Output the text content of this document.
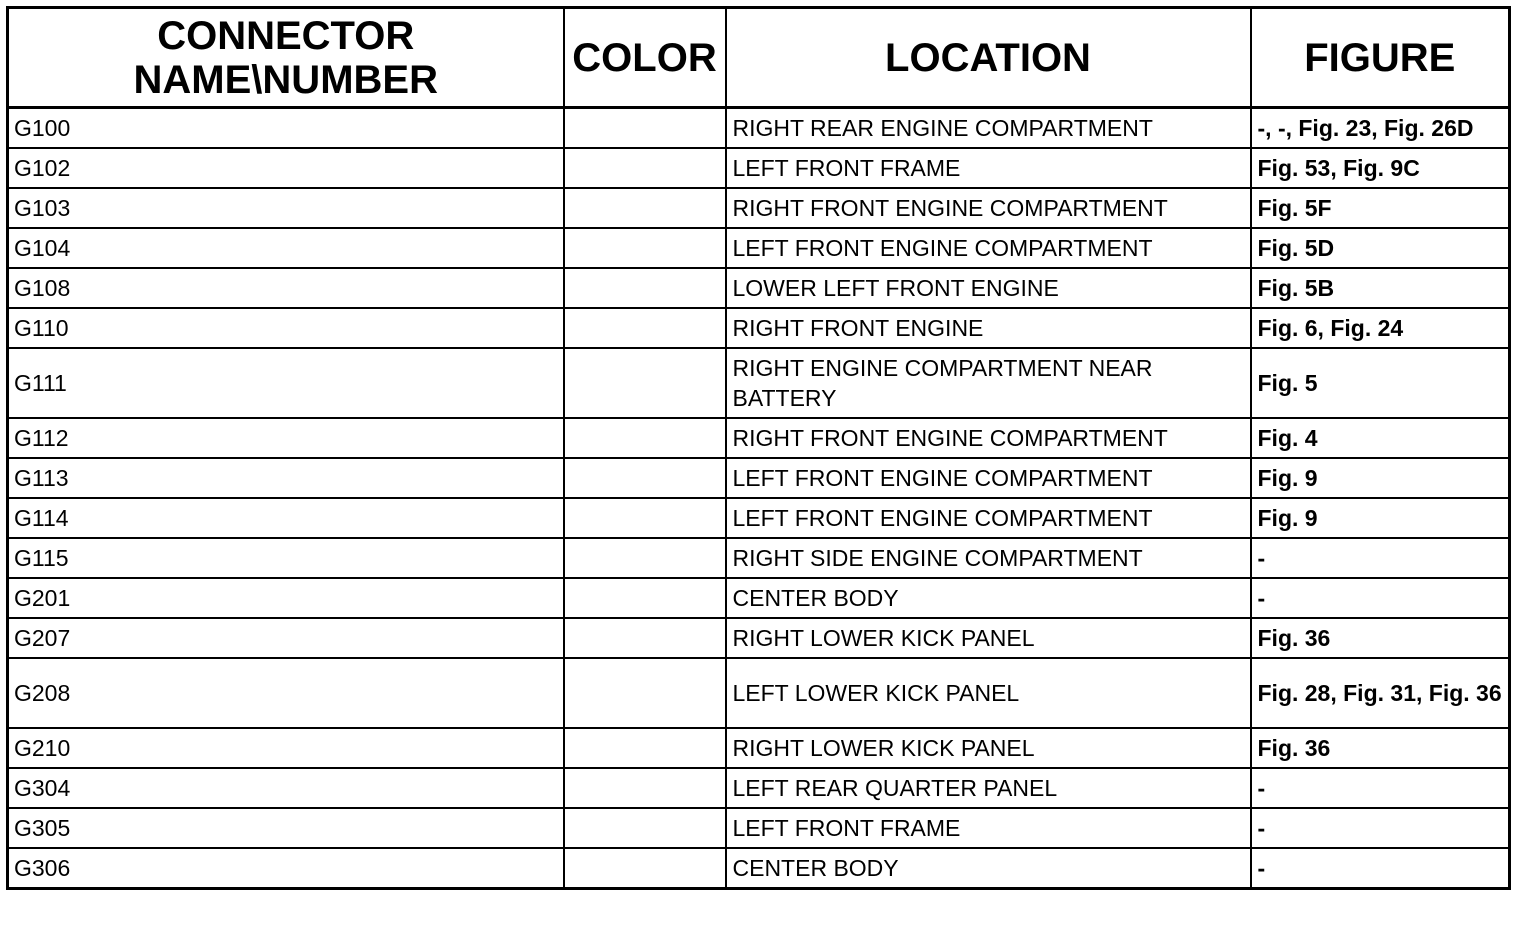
CONNECTOR
NAME\NUMBER	COLOR	LOCATION	FIGURE
G100		RIGHT REAR ENGINE COMPARTMENT	-, -, Fig. 23, Fig. 26D
G102		LEFT FRONT FRAME	Fig. 53, Fig. 9C
G103		RIGHT FRONT ENGINE COMPARTMENT	Fig. 5F
G104		LEFT FRONT ENGINE COMPARTMENT	Fig. 5D
G108		LOWER LEFT FRONT ENGINE	Fig. 5B
G110		RIGHT FRONT ENGINE	Fig. 6, Fig. 24
G111		RIGHT ENGINE COMPARTMENT NEAR BATTERY	Fig. 5
G112		RIGHT FRONT ENGINE COMPARTMENT	Fig. 4
G113		LEFT FRONT ENGINE COMPARTMENT	Fig. 9
G114		LEFT FRONT ENGINE COMPARTMENT	Fig. 9
G115		RIGHT SIDE ENGINE COMPARTMENT	-
G201		CENTER BODY	-
G207		RIGHT LOWER KICK PANEL	Fig. 36
G208		LEFT LOWER KICK PANEL	Fig. 28, Fig. 31, Fig. 36
G210		RIGHT LOWER KICK PANEL	Fig. 36
G304		LEFT REAR QUARTER PANEL	-
G305		LEFT FRONT FRAME	-
G306		CENTER BODY	-
